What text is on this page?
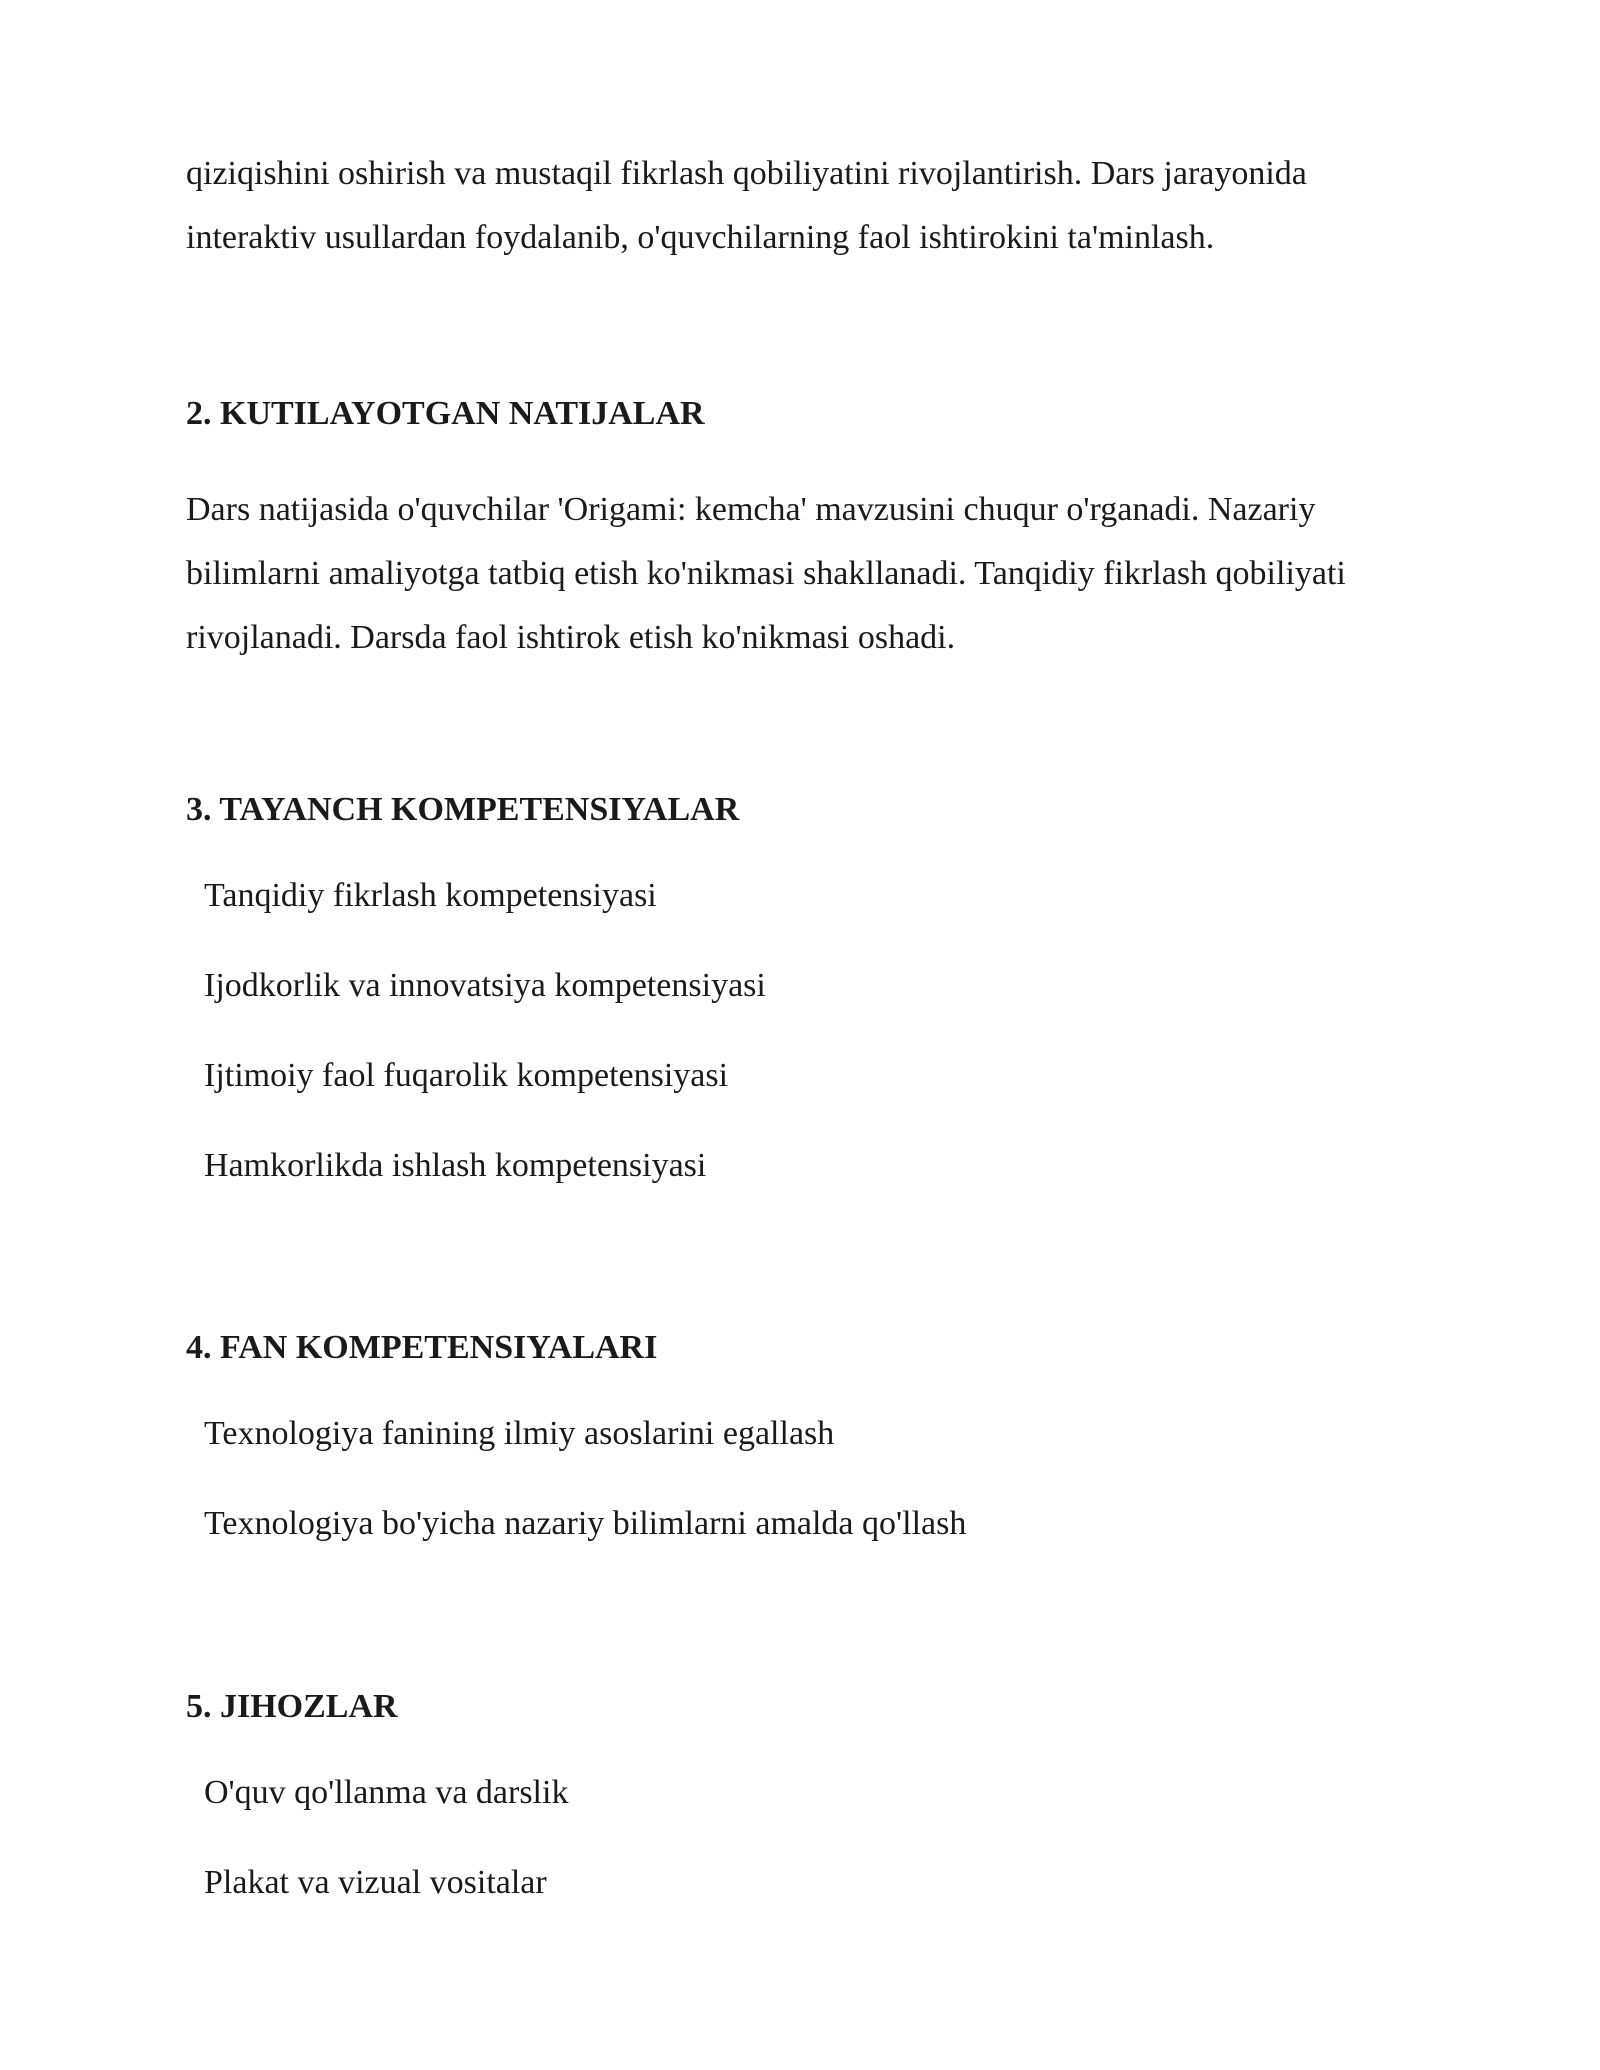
qiziqishini oshirish va mustaqil fikrlash qobiliyatini rivojlantirish. Dars jarayonida interaktiv usullardan foydalanib, o'quvchilarning faol ishtirokini ta'minlash.

2. KUTILAYOTGAN NATIJALAR

Dars natijasida o'quvchilar 'Origami: kemcha' mavzusini chuqur o'rganadi. Nazariy bilimlarni amaliyotga tatbiq etish ko'nikmasi shakllanadi. Tanqidiy fikrlash qobiliyati rivojlanadi. Darsda faol ishtirok etish ko'nikmasi oshadi.

3. TAYANCH KOMPETENSIYALAR
Tanqidiy fikrlash kompetensiyasi
Ijodkorlik va innovatsiya kompetensiyasi
Ijtimoiy faol fuqarolik kompetensiyasi
Hamkorlikda ishlash kompetensiyasi
4. FAN KOMPETENSIYALARI
Texnologiya fanining ilmiy asoslarini egallash
Texnologiya bo'yicha nazariy bilimlarni amalda qo'llash
5. JIHOZLAR
O'quv qo'llanma va darslik
Plakat va vizual vositalar
